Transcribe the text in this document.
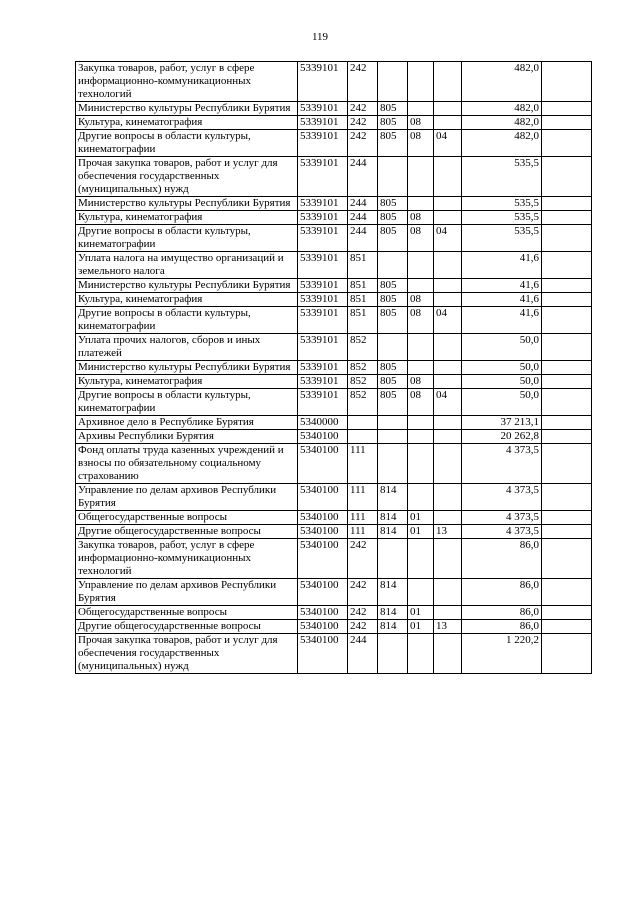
119
Закупка товаров, работ, услуг в сфере информационно-коммуникационных технологий	5339101	242				482,0	
Министерство культуры Республики Бурятия	5339101	242	805			482,0	
Культура, кинематография	5339101	242	805	08		482,0	
Другие вопросы в области культуры, кинематографии	5339101	242	805	08	04	482,0	
Прочая закупка товаров, работ и услуг для обеспечения государственных (муниципальных) нужд	5339101	244				535,5	
Министерство культуры Республики Бурятия	5339101	244	805			535,5	
Культура, кинематография	5339101	244	805	08		535,5	
Другие вопросы в области культуры, кинематографии	5339101	244	805	08	04	535,5	
Уплата налога на имущество организаций и земельного налога	5339101	851				41,6	
Министерство культуры Республики Бурятия	5339101	851	805			41,6	
Культура, кинематография	5339101	851	805	08		41,6	
Другие вопросы в области культуры, кинематографии	5339101	851	805	08	04	41,6	
Уплата прочих налогов, сборов и иных платежей	5339101	852				50,0	
Министерство культуры Республики Бурятия	5339101	852	805			50,0	
Культура, кинематография	5339101	852	805	08		50,0	
Другие вопросы в области культуры, кинематографии	5339101	852	805	08	04	50,0	
Архивное дело в Республике Бурятия	5340000					37 213,1	
Архивы Республики Бурятия	5340100					20 262,8	
Фонд оплаты труда казенных учреждений и взносы по обязательному социальному страхованию	5340100	111				4 373,5	
Управление по делам архивов Республики Бурятия	5340100	111	814			4 373,5	
Общегосударственные вопросы	5340100	111	814	01		4 373,5	
Другие общегосударственные вопросы	5340100	111	814	01	13	4 373,5	
Закупка товаров, работ, услуг в сфере информационно-коммуникационных технологий	5340100	242				86,0	
Управление по делам архивов Республики Бурятия	5340100	242	814			86,0	
Общегосударственные вопросы	5340100	242	814	01		86,0	
Другие общегосударственные вопросы	5340100	242	814	01	13	86,0	
Прочая закупка товаров, работ и услуг для обеспечения государственных (муниципальных) нужд	5340100	244				1 220,2	
